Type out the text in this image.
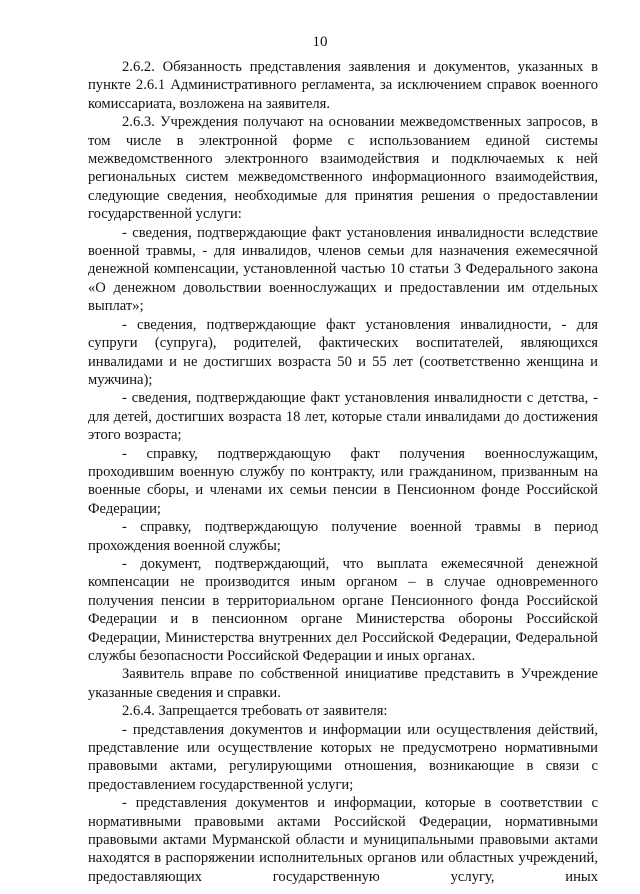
10

2.6.2. Обязанность представления заявления и документов, указанных в пункте 2.6.1 Административного регламента, за исключением справок военного комиссариата, возложена на заявителя.

2.6.3. Учреждения получают на основании межведомственных запросов, в том числе в электронной форме с использованием единой системы межведомственного электронного взаимодействия и подключаемых к ней региональных систем межведомственного информационного взаимодействия, следующие сведения, необходимые для принятия решения о предоставлении государственной услуги:

- сведения, подтверждающие факт установления инвалидности вследствие военной травмы, - для инвалидов, членов семьи для назначения ежемесячной денежной компенсации, установленной частью 10 статьи 3 Федерального закона «О денежном довольствии военнослужащих и предоставлении им отдельных выплат»;

- сведения, подтверждающие факт установления инвалидности, - для супруги (супруга), родителей, фактических воспитателей, являющихся инвалидами и не достигших возраста 50 и 55 лет (соответственно женщина и мужчина);

- сведения, подтверждающие факт установления инвалидности с детства, - для детей, достигших возраста 18 лет, которые стали инвалидами до достижения этого возраста;

- справку, подтверждающую факт получения военнослужащим, проходившим военную службу по контракту, или гражданином, призванным на военные сборы, и членами их семьи пенсии в Пенсионном фонде Российской Федерации;

- справку, подтверждающую получение военной травмы в период прохождения военной службы;

- документ, подтверждающий, что выплата ежемесячной денежной компенсации не производится иным органом – в случае одновременного получения пенсии в территориальном органе Пенсионного фонда Российской Федерации и в пенсионном органе Министерства обороны Российской Федерации, Министерства внутренних дел Российской Федерации, Федеральной службы безопасности Российской Федерации и иных органах.

Заявитель вправе по собственной инициативе представить в Учреждение указанные сведения и справки.

2.6.4. Запрещается требовать от заявителя:

- представления документов и информации или осуществления действий, представление или осуществление которых не предусмотрено нормативными правовыми актами, регулирующими отношения, возникающие в связи с предоставлением государственной услуги;

- представления документов и информации, которые в соответствии с нормативными правовыми актами Российской Федерации, нормативными правовыми актами Мурманской области и муниципальными правовыми актами находятся в распоряжении исполнительных органов или областных учреждений, предоставляющих государственную услугу, иных
